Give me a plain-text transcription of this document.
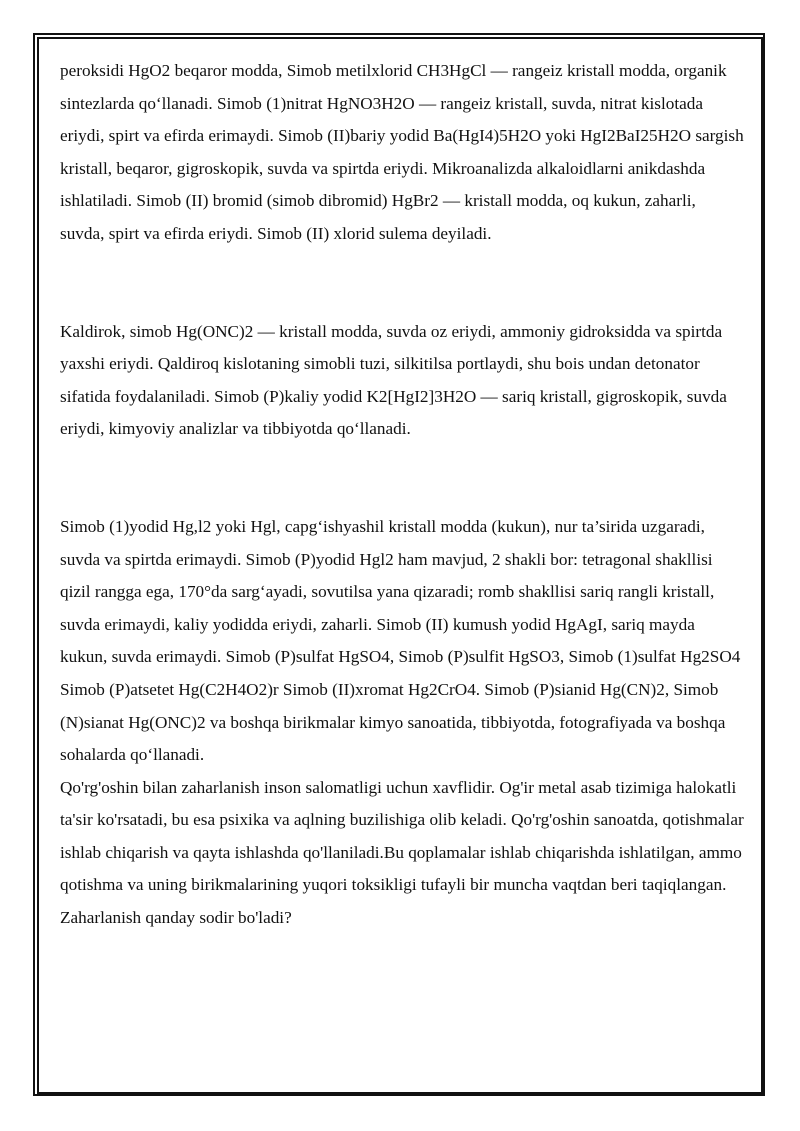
peroksidi HgO2 beqaror modda, Simob metilxlorid CH3HgCl — rangeiz kristall modda, organik sintezlarda qo‘llanadi. Simob (1)nitrat HgNO3H2O — rangeiz kristall, suvda, nitrat kislotada eriydi, spirt va efirda erimaydi. Simob (II)bariy yodid Ba(HgI4)5H2O yoki HgI2BaI25H2O sargish kristall, beqaror, gigroskopik, suvda va spirtda eriydi. Mikroanalizda alkaloidlarni anikdashda ishlatiladi. Simob (II) bromid (simob dibromid) HgBr2 — kristall modda, oq kukun, zaharli, suvda, spirt va efirda eriydi. Simob (II) xlorid sulema deyiladi.

Kaldirok, simob Hg(ONC)2 — kristall modda, suvda oz eriydi, ammoniy gidroksidda va spirtda yaxshi eriydi. Qaldiroq kislotaning simobli tuzi, silkitilsa portlaydi, shu bois undan detonator sifatida foydalaniladi. Simob (P)kaliy yodid K2[HgI2]3H2O — sariq kristall, gigroskopik, suvda eriydi, kimyoviy analizlar va tibbiyotda qo‘llanadi.

Simob (1)yodid Hg,l2 yoki Hgl, capg‘ishyashil kristall modda (kukun), nur ta’sirida uzgaradi, suvda va spirtda erimaydi. Simob (P)yodid Hgl2 ham mavjud, 2 shakli bor: tetragonal shakllisi qizil rangga ega, 170°da sarg‘ayadi, sovutilsa yana qizaradi; romb shakllisi sariq rangli kristall, suvda erimaydi, kaliy yodidda eriydi, zaharli. Simob (II) kumush yodid HgAgI, sariq mayda kukun, suvda erimaydi. Simob (P)sulfat HgSO4, Simob (P)sulfit HgSO3, Simob (1)sulfat Hg2SO4 Simob (P)atsetet Hg(C2H4O2)r Simob (II)xromat Hg2CrO4. Simob (P)sianid Hg(CN)2, Simob (N)sianat Hg(ONC)2 va boshqa birikmalar kimyo sanoatida, tibbiyotda, fotografiyada va boshqa sohalarda qo‘llanadi.

Qo'rg'oshin bilan zaharlanish inson salomatligi uchun xavflidir. Og'ir metal asab tizimiga halokatli ta'sir ko'rsatadi, bu esa psixika va aqlning buzilishiga olib keladi. Qo'rg'oshin sanoatda, qotishmalar ishlab chiqarish va qayta ishlashda qo'llaniladi.Bu qoplamalar ishlab chiqarishda ishlatilgan, ammo qotishma va uning birikmalarining yuqori toksikligi tufayli bir muncha vaqtdan beri taqiqlangan.

Zaharlanish qanday sodir bo'ladi?
